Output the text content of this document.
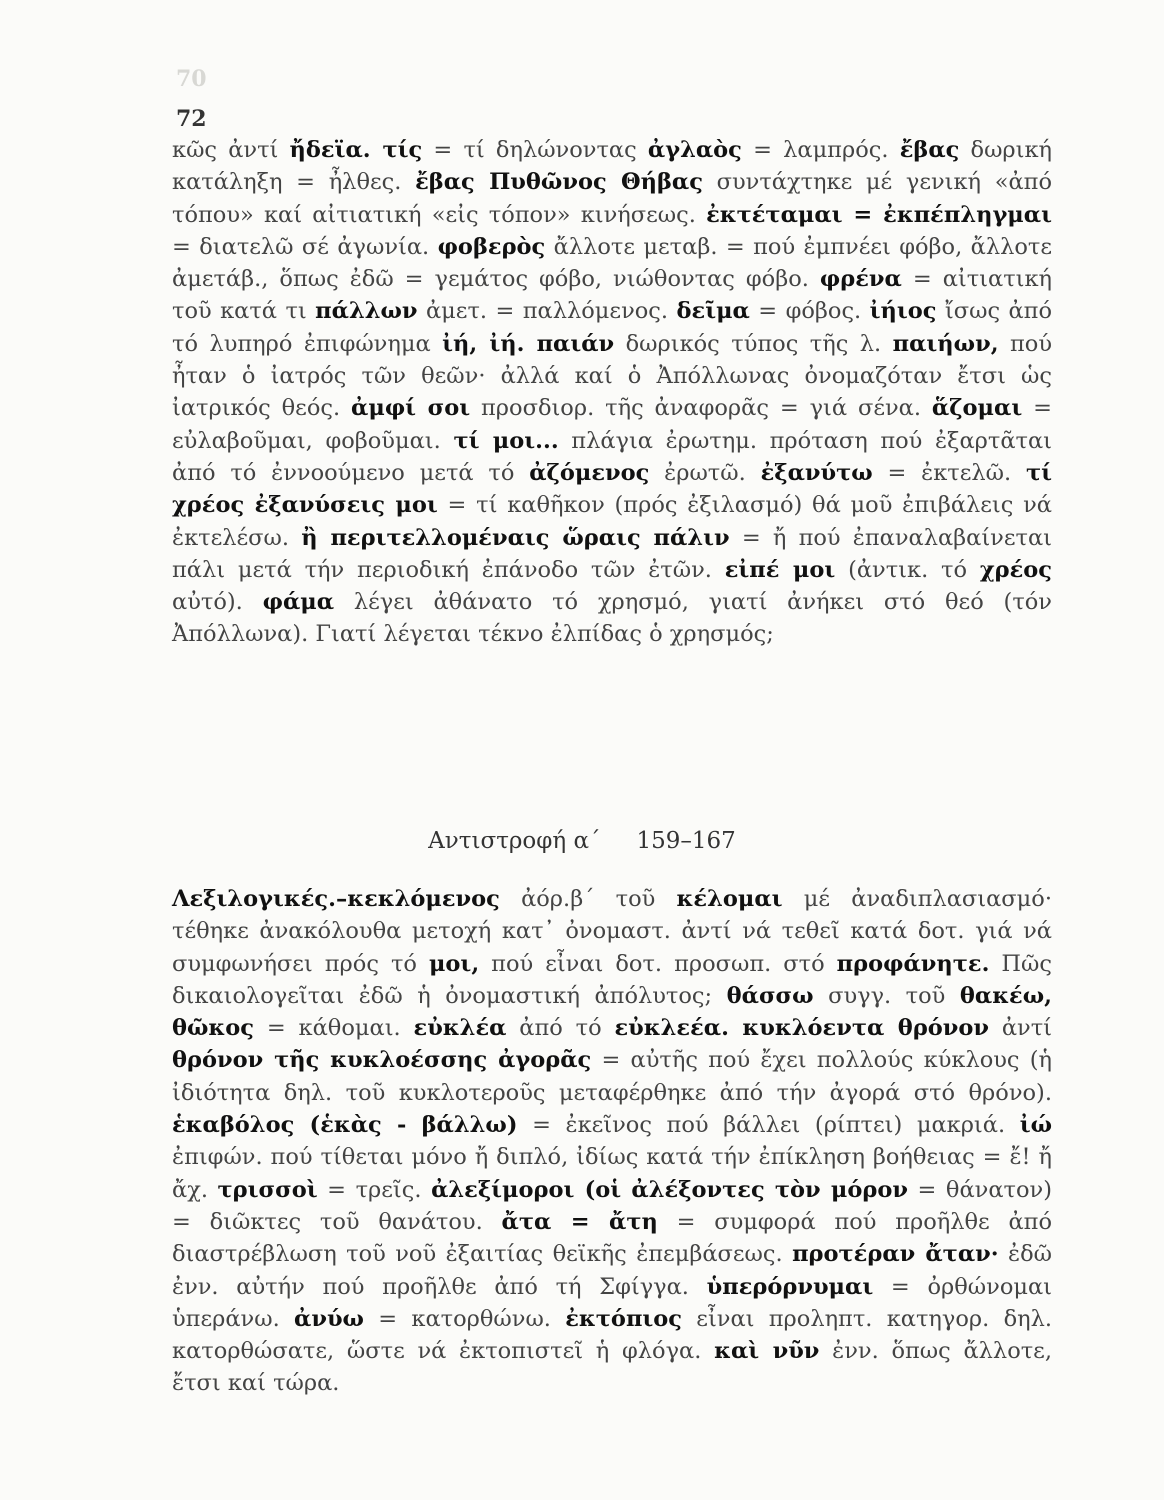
70
72
κῶς ἀντί ἤδεϊα. τίς = τί δηλώνοντας ἀγλαὸς = λαμπρός. ἔβας δωρική κατάληξη = ἦλθες. ἔβας Πυθῶνος Θήβας συντάχτηκε μέ γενική «ἀπό τόπου» καί αἰτιατική «εἰς τόπον» κινήσεως. ἐκτέταμαι = ἐκπέπληγμαι = διατελῶ σέ ἀγωνία. φοβερὸς ἄλλοτε μεταβ. = πού ἐμπνέει φόβο, ἄλλοτε ἀμετάβ., ὅπως ἐδῶ = γεμάτος φόβο, νιώθοντας φόβο. φρένα = αἰτιατική τοῦ κατά τι πάλλων ἀμετ. = παλλόμενος. δεῖμα = φόβος. ἰήιος ἴσως ἀπό τό λυπηρό ἐπιφώνημα ἰή, ἰή. παιάν δωρικός τύπος τῆς λ. παιήων, πού ἦταν ὁ ἰατρός τῶν θεῶν· ἀλλά καί ὁ Ἀπόλλωνας ὀνομαζόταν ἔτσι ὡς ἰατρικός θεός. ἀμφί σοι προσδιορ. τῆς ἀναφορᾶς = γιά σένα. ἅζομαι = εὐλαβοῦμαι, φοβοῦμαι. τί μοι... πλάγια ἐρωτημ. πρόταση πού ἐξαρτᾶται ἀπό τό ἐννοούμενο μετά τό ἀζόμενος ἐρωτῶ. ἐξανύτω = ἐκτελῶ. τί χρέος ἐξανύσεις μοι = τί καθῆκον (πρός ἐξιλασμό) θά μοῦ ἐπιβάλεις νά ἐκτελέσω. ἢ περιτελλομέναις ὥραις πάλιν = ἤ πού ἐπαναλαβαίνεται πάλι μετά τήν περιοδική ἐπάνοδο τῶν ἐτῶν. εἰπέ μοι (ἀντικ. τό χρέος αὐτό). φάμα λέγει ἀθάνατο τό χρησμό, γιατί ἀνήκει στό θεό (τόν Ἀπόλλωνα). Γιατί λέγεται τέκνο ἐλπίδας ὁ χρησμός;
Αντιστροφή α΄ 159–167
Λεξιλογικές.–κεκλόμενος ἀόρ.β΄ τοῦ κέλομαι μέ ἀναδιπλασιασμό· τέθηκε ἀνακόλουθα μετοχή κατ᾽ ὀνομαστ. ἀντί νά τεθεῖ κατά δοτ. γιά νά συμφωνήσει πρός τό μοι, πού εἶναι δοτ. προσωπ. στό προφάνητε. Πῶς δικαιολογεῖται ἐδῶ ἡ ὀνομαστική ἀπόλυτος; θάσσω συγγ. τοῦ θακέω, θῶκος = κάθομαι. εὐκλέα ἀπό τό εὐκλεέα. κυκλόεντα θρόνον ἀντί θρόνον τῆς κυκλοέσσης ἀγορᾶς = αὐτῆς πού ἔχει πολλούς κύκλους (ἡ ἰδιότητα δηλ. τοῦ κυκλοτεροῦς μεταφέρθηκε ἀπό τήν ἀγορά στό θρόνο). ἑκαβόλος (ἑκὰς - βάλλω) = ἐκεῖνος πού βάλλει (ρίπτει) μακριά. ἰώ ἐπιφών. πού τίθεται μόνο ἤ διπλό, ἰδίως κατά τήν ἐπίκληση βοήθειας = ἔ! ἤ ἄχ. τρισσοὶ = τρεῖς. ἀλεξίμοροι (οἱ ἀλέξοντες τὸν μόρον = θάνατον) = διῶκτες τοῦ θανάτου. ἄτα = ἄτη = συμφορά πού προῆλθε ἀπό διαστρέβλωση τοῦ νοῦ ἐξαιτίας θεϊκῆς ἐπεμβάσεως. προτέραν ἄταν· ἐδῶ ἐνν. αὐτήν πού προῆλθε ἀπό τή Σφίγγα. ὑπερόρνυμαι = ὀρθώνομαι ὑπεράνω. ἀνύω = κατορθώνω. ἐκτόπιος εἶναι προληπτ. κατηγορ. δηλ. κατορθώσατε, ὥστε νά ἐκτοπιστεῖ ἡ φλόγα. καὶ νῦν ἐνν. ὅπως ἄλλοτε, ἔτσι καί τώρα.
